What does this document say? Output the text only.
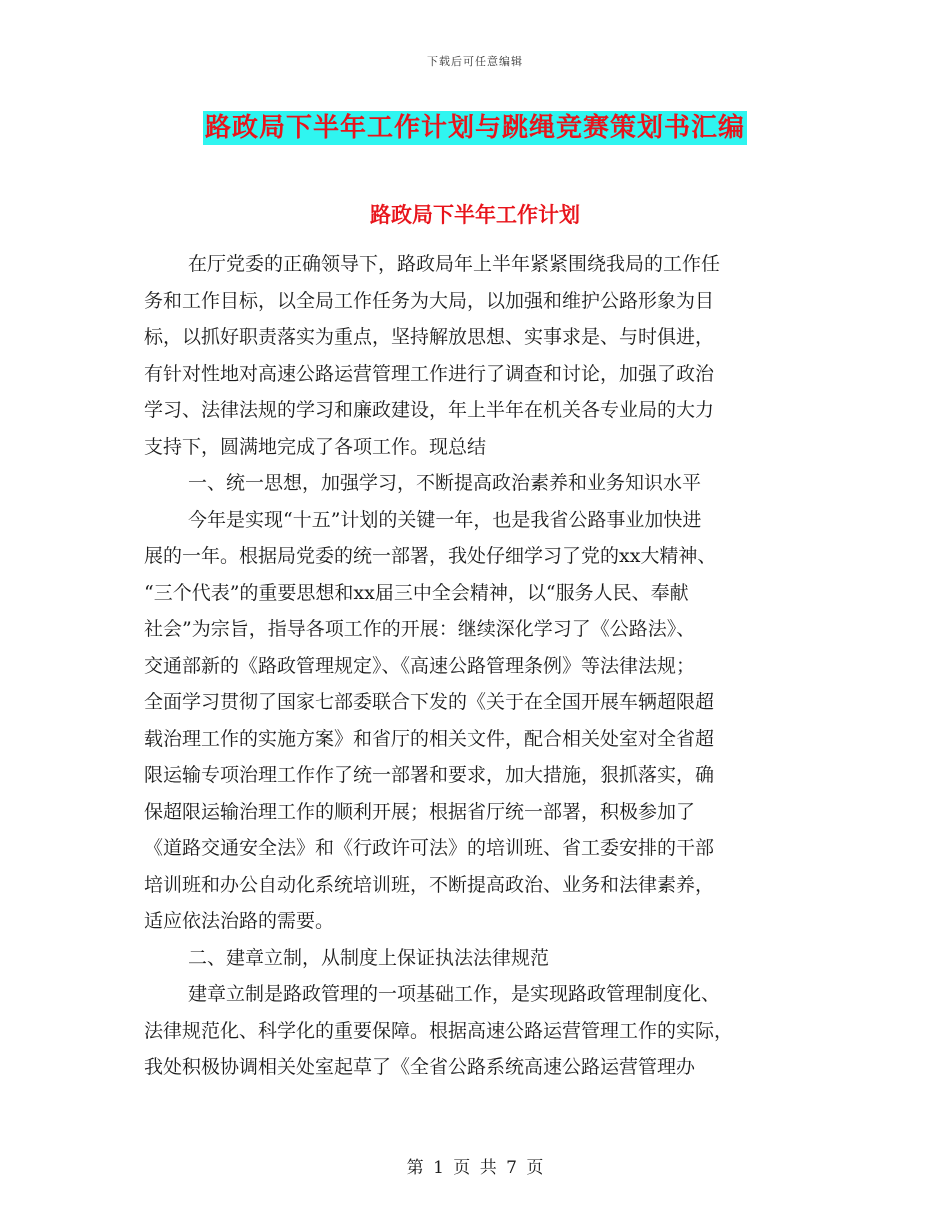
下载后可任意编辑
路政局下半年工作计划与跳绳竞赛策划书汇编
路政局下半年工作计划
在厅党委的正确领导下，路政局年上半年紧紧围绕我局的工作任
务和工作目标，以全局工作任务为大局，以加强和维护公路形象为目
标，以抓好职责落实为重点，坚持解放思想、实事求是、与时俱进，
有针对性地对高速公路运营管理工作进行了调查和讨论，加强了政治
学习、法律法规的学习和廉政建设，年上半年在机关各专业局的大力
支持下，圆满地完成了各项工作。现总结
一、统一思想，加强学习，不断提高政治素养和业务知识水平
今年是实现“十五”计划的关键一年，也是我省公路事业加快进
展的一年。根据局党委的统一部署，我处仔细学习了党的xx大精神、
“三个代表”的重要思想和xx届三中全会精神，以“服务人民、奉献
社会”为宗旨，指导各项工作的开展：继续深化学习了《公路法》、
交通部新的《路政管理规定》、《高速公路管理条例》等法律法规；
全面学习贯彻了国家七部委联合下发的《关于在全国开展车辆超限超
载治理工作的实施方案》和省厅的相关文件，配合相关处室对全省超
限运输专项治理工作作了统一部署和要求，加大措施，狠抓落实，确
保超限运输治理工作的顺利开展；根据省厅统一部署，积极参加了
《道路交通安全法》和《行政许可法》的培训班、省工委安排的干部
培训班和办公自动化系统培训班，不断提高政治、业务和法律素养，
适应依法治路的需要。
二、建章立制，从制度上保证执法法律规范
建章立制是路政管理的一项基础工作，是实现路政管理制度化、
法律规范化、科学化的重要保障。根据高速公路运营管理工作的实际，
我处积极协调相关处室起草了《全省公路系统高速公路运营管理办
第 1 页 共 7 页
